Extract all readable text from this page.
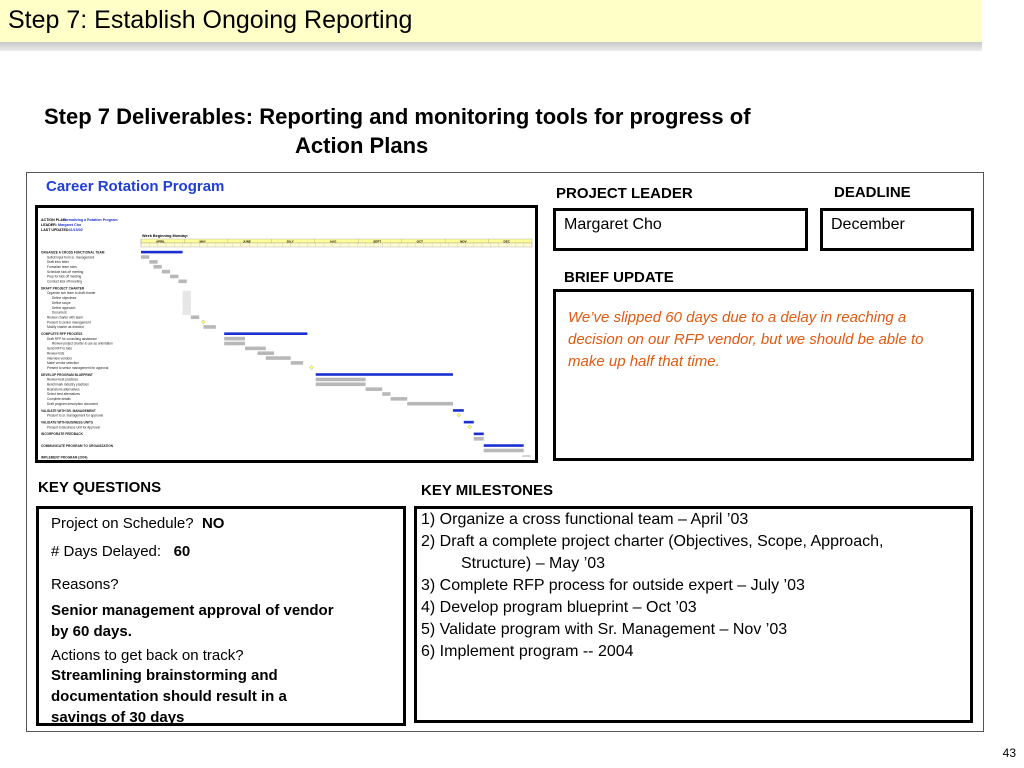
Step 7: Establish Ongoing Reporting
Step 7 Deliverables: Reporting and monitoring tools for progress of
Action Plans
Career Rotation Program
ACTION PLAN:
Formalizing a Rotation Program
LEADER: Margaret Cho
LAST UPDATED: 11/15/02
Week Beginning Monday:
APRIL	MAY	JUNE	JULY	AUG	SEPT	OCT	NOV	DEC
ORGANIZE A CROSS FUNCTIONAL TEAM
Solicit input from sr. management
Draft intro letter
Formalize team roles
Schedule kick off meeting
Prep for kick off meeting
Conduct kick off meeting
DRAFT PROJECT CHARTER
Organize sub team to draft charter
Define objectives
Define scope
Define approach
Document
Review charter with team
Present to senior management
Modify charter as directed
COMPLETE RFP PROCESS
Draft RFP for consulting assistance
Review project charter & use as orientation
Send RFP to bids
Review bids
Interview vendors
Make vendor selection
Present to senior management for approval
DEVELOP PROGRAM BLUEPRINT
Review best practices
Benchmark industry practices
Brainstorm alternatives
Select best alternatives
Complete details
Draft program description document
VALIDATE WITH SR. MANAGEMENT
Present to sr. management for approval
VALIDATE WITH BUSINESS UNITS
Present to Business Unit for Approval
INCORPORATE FEEDBACK
COMMUNICATE PROGRAM TO ORGANIZATION
IMPLEMENT PROGRAM (2004)	p00000
PROJECT LEADER
Margaret Cho
DEADLINE
December
BRIEF UPDATE
We’ve slipped 60 days due to a delay in reaching a decision on our RFP vendor, but we should be able to make up half that time.
KEY QUESTIONS
Project on Schedule? NO
# Days Delayed: 60
Reasons?
Senior management approval of vendor by 60 days.
Actions to get back on track?
Streamlining brainstorming and documentation should result in a savings of 30 days
KEY MILESTONES
1) Organize a cross functional team – April ’03
2) Draft a complete project charter (Objectives, Scope, Approach,
Structure) – May ’03
3) Complete RFP process for outside expert – July ’03
4) Develop program blueprint – Oct ’03
5) Validate program with Sr. Management – Nov ’03
6) Implement program -- 2004
43
